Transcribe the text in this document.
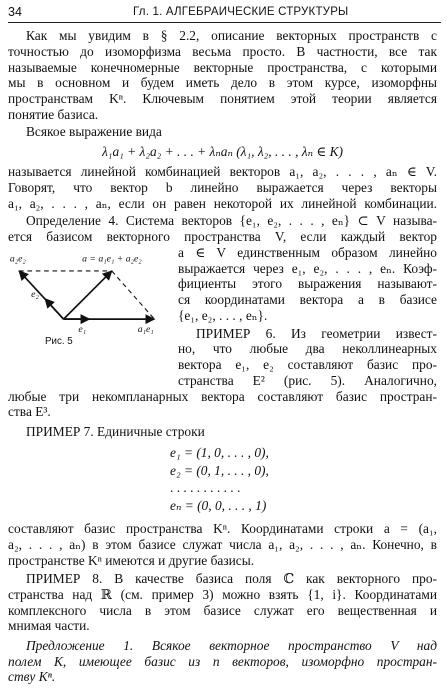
34	Гл. 1. АЛГЕБРАИЧЕСКИЕ СТРУКТУРЫ
Как мы увидим в § 2.2, описание векторных пространств с
точностью до изоморфизма весьма просто. В частности, все так
называемые конечномерные векторные пространства, с которыми
мы в основном и будем иметь дело в этом курсе, изоморфны
пространствам Kⁿ. Ключевым понятием этой теории является
понятие базиса.
Всякое выражение вида
λ₁a₁ + λ₂a₂ + . . . + λₙaₙ (λ₁, λ₂, . . . , λₙ ∈ K)
называется линейной комбинацией векторов a₁, a₂, . . . , aₙ ∈ V.
Говорят, что вектор b линейно выражается через векторы
a₁, a₂, . . . , aₙ, если он равен некоторой их линейной комбинации.
Определение 4. Система векторов {e₁, e₂, . . . , eₙ} ⊂ V называ-
ется базисом векторного пространства V, если каждый вектор
a ∈ V единственным образом линейно
выражается через e₁, e₂, . . . , eₙ. Коэф-
фициенты этого выражения называют-
ся координатами вектора a в базисе
{e₁, e₂, . . . , eₙ}.
ПРИМЕР 6. Из геометрии извест-
но, что любые два неколлинеарных
вектора e₁, e₂ составляют базис про-
странства E² (рис. 5). Аналогично,
любые три некомпланарных вектора составляют базис простран-
ства E³.
ПРИМЕР 7. Единичные строки
e₁ = (1, 0, . . . , 0),
e₂ = (0, 1, . . . , 0),
. . . . . . . . . . .
eₙ = (0, 0, . . . , 1)
составляют базис пространства Kⁿ. Координатами строки a = (a₁,
a₂, . . . , aₙ) в этом базисе служат числа a₁, a₂, . . . , aₙ. Конечно, в
пространстве Kⁿ имеются и другие базисы.
ПРИМЕР 8. В качестве базиса поля ℂ как векторного про-
странства над ℝ (см. пример 3) можно взять {1, i}. Координатами
комплексного числа в этом базисе служат его вещественная и
мнимая части.
Предложение 1. Всякое векторное пространство V над
полем K, имеющее базис из n векторов, изоморфно простран-
ству Kⁿ.
a₂e₂	a = a₁e₁ + a₂e₂
e₂
e₁	a₁e₁
Рис. 5
